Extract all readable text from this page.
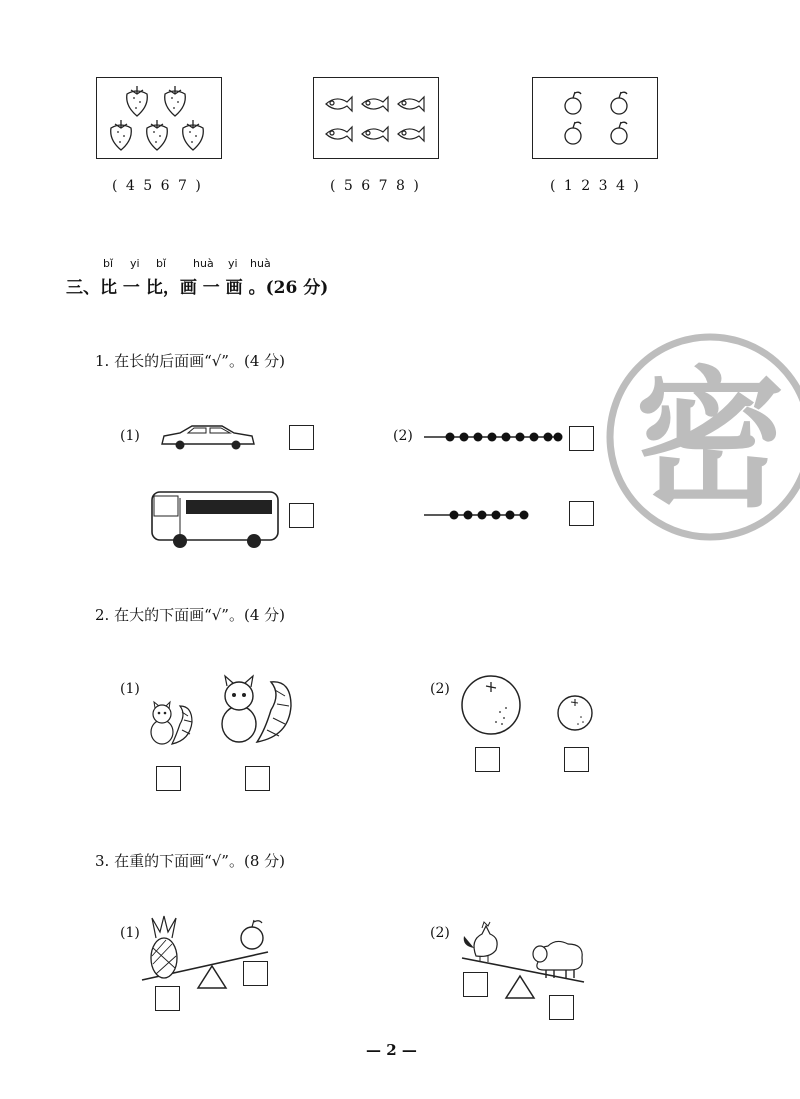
( 4 5 6 7 )	( 5 6 7 8 )	( 1 2 3 4 )
bǐ yi bǐ huà yi huà
三、比 一 比，画 一 画 。(26 分)
密
1. 在长的后面画“√”。(4 分)
(1)	(2)
2. 在大的下面画“√”。(4 分)
(1)	(2)
3. 在重的下面画“√”。(8 分)
(1)	(2)
— 2 —
